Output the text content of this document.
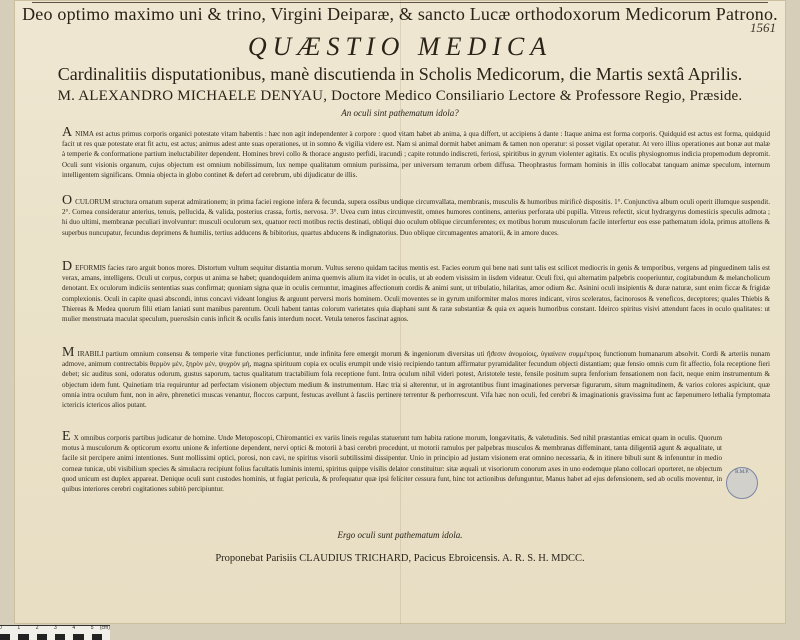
Deo optimo maximo uni & trino, Virgini Deiparæ, & sancto Lucæ orthodoxorum Medicorum Patrono.
1561
QUÆSTIO MEDICA
Cardinalitiis disputationibus, manè discutienda in Scholis Medicorum, die Martis sextâ Aprilis.
M. ALEXANDRO MICHAELE DENYAU, Doctore Medico Consiliario Lectore & Professore Regio, Præside.
An oculi sint pathematum idola?
ANIMA est actus primus corporis organici potestate vitam habentis : hæc non agit independenter à corpore : quod vitam habet ab anima, à qua differt, ut accipiens à dante : Itaque anima est forma corporis. Quidquid est actus est forma, quidquid facit ut res quæ potestate erat fit actu, est actus; animus adest ante suas operationes, ut in somno & vigilia videre est. Nam si animal dormit habet animam & tamen non operatur: si posset vigilat operatur. At vero illius operationes aut bonæ aut malæ à temperie & conformatione partium ineluctabiliter dependent. Homines brevi collo & thorace angusto perfidi, iracundi ; capite rotundo indiscreti, feriosi, spiritibus in gyrum violenter agitatis. Ex oculis physiognomus indicia propemodum depromit. Oculi sunt visionis organum, cujus objectum est omnium nobilissimum, lux nempe qualitatum omnium purissima, per universum terrarum orbem diffusa. Theophrastus formam hominis in illis collocabat tanquam animæ speculum, internum intelligentem significans. Omnia objecta in globo continet & defert ad cerebrum, ubi dijudicatur de illis.
OCULORUM structura ornatum superat admirationem; in prima faciei regione infera & fecunda, supera ossibus undique circumvallata, membranis, musculis & humoribus mirificè dispositis. 1°. Conjunctiva album oculi operit illumque suspendit. 2°. Cornea consideratur anterius, tenuis, pellucida, & valida, posterius crassa, fortis, nervosa. 3°. Uvea cum intus circumvestit, omnes humores continens, anterius perforata ubi pupilla. Vitreus refectit, sicut hydrargyrus domesticis speculis admota ; hi duo ultimi, membranæ peculiari involvuntur: musculi oculorum sex, quatuor recti motibus rectis destinati, obliqui duo oculum oblique circumferentes; ex motibus horum musculorum facile interfertur eos esse pathematum idola, primus attollens & superbus nuncupatur, fecundus deprimens & humilis, tertius adducens & bibitorius, quartus abducens & indignatorius. Duo oblique circumagentes amatorii, & in amore duces.
DEFORMIS facies raro arguit bonos mores. Distortum vultum sequitur distantia morum. Vultus sereno quidam tacitus mentis est. Facies eorum qui bene nati sunt talis est scilicet mediocris in genis & temporibus, vergens ad pinguedinem talis est verax, amans, intelligens. Oculi ut corpus, corpus ut anima se habet; quandoquidem anima quemvis alium ita videt in oculis, ut ab eodem visissim in iisdem videatur. Oculi fixi, qui alternatim palpebris cooperiuntur, cogitabundum & melancholicum denotant. Ex oculorum indiciis sententias suas confirmat; quoniam signa quæ in oculis cernuntur, imagines affectionum cordis & animi sunt, ut tribulatio, hilaritas, amor odium &c. Asinini oculi insipientis & duræ naturæ, sunt enim ficcæ & frigidæ complexionis. Oculi in capite quasi abscondi, intus concavi videant longius & arguunt perversi moris hominem. Oculi moventes se in gyrum uniformiter malos mores indicant, viros sceleratos, facinorosos & veneficos, deceptores; quales Thiebis & Thiereas & Medea quorum filii etiam laniati sunt manibus parentum. Oculi habent tantas colorum varietates quia diaphani sunt & raræ substantiæ & quia ex aqueis humoribus constant. Ideirco spiritus visivi attendunt faces in oculo qualitates: ut mulier menstruata maculat speculum, pueroslsin cunis inficit & oculis fanis interdum nocet. Vetula teneros fascinat agnos.
MIRABILI partium omnium consensu & temperie vitæ functiones perficiuntur, unde infinita fere emergit morum & ingeniorum diversitas uti ἤϑεσιν ἀνομοίοις, ὑγιαίνειν συμμέτροις functionum humanarum absolvit. Cordi & arteriis nunam admove, animum contrectabis θερμὸν μὲν, ξηρὸν μὲν, ψυχρὸν μὴ, magna spirituum copia ex oculis erumpit unde visio recipiendo tantum affirmatur pyramidaliter fecundum objecti distantiam; quæ fensio omnis cum fit affectio, fola receptione fieri debet; sic auditus soni, odoratus odorum, gustus saporum, tactus qualitatum tractabilium fola receptione funt. Intra oculum nihil videri potest, Aristotele teste, fensile positum supra fenforium fensationem non facit, neque enim instrumentum & objectum idem funt. Quinetiam tria requiruntur ad perfectam visionem objectum medium & instrumentum. Hæc tria si alterentur, ut in ægrotantibus fiunt imaginationes perversæ figurarum, situm magnitudinem, & varios colores aspiciunt, quæ omnia intra oculum funt, non in aëre, phrenetici muscas venantur, floccos carpunt, festucas avellunt à fasciis pertinere terrentur & perhorrescunt. Vifa hæc non oculi, fed cerebri & imaginationis gravissima funt ac fæpenumero lethalia fymptomata ictericis ictericos alios putant.
E X omnibus corporis partibus judicatur de homine. Unde Metoposcopi, Chiromantici ex variis lineis regulas statuerunt tum habita ratione morum, longævitatis, & valetudinis. Sed nihil præstantias emicat quam in oculis. Quorum motus à musculorum & opticorum exortu unione & infertione dependent, nervi optici & motorii à basi cerebri procedunt, ut motorii ramulos per palpebras musculos & membranas diffeminant, tanta diligentiâ agunt & æqualitate, ut facile sit percipere animi intentiones. Sunt mollissimi optici, porosi, non cavi, ne spiritus visorii subtilissimi dissipentur. Unio in principio ad justam visionem erat omnino necessaria, & in itinere bibuli sunt & infenuntur in medio corneæ tunicæ, ubi visibilium species & simulacra recipiunt folius facultatis luminis interni, spiritus quippe visilis delator constituitur: sitæ æquali ut visoriorum conorum axes in uno eodemque plano collocari oporteret, ne objectum quod unicum est duplex appareat. Denique oculi sunt custodes hominis, ut fugiat pericula, & profequatur quæ ipsi feliciter cessura funt, hinc tot actionibus defunguntur, Manus habet ad ejus defensionem, sed ab oculis moventur, in quibus interiores cerebri cogitationes subitò percipiuntur.
R.M.P.
Ergo oculi sunt pathematum idola.
Proponebat Parisiis CLAUDIUS TRICHARD, Pacicus Ebroicensis. A. R. S. H. MDCC.
0	1	2	3	4	5 (cm)
